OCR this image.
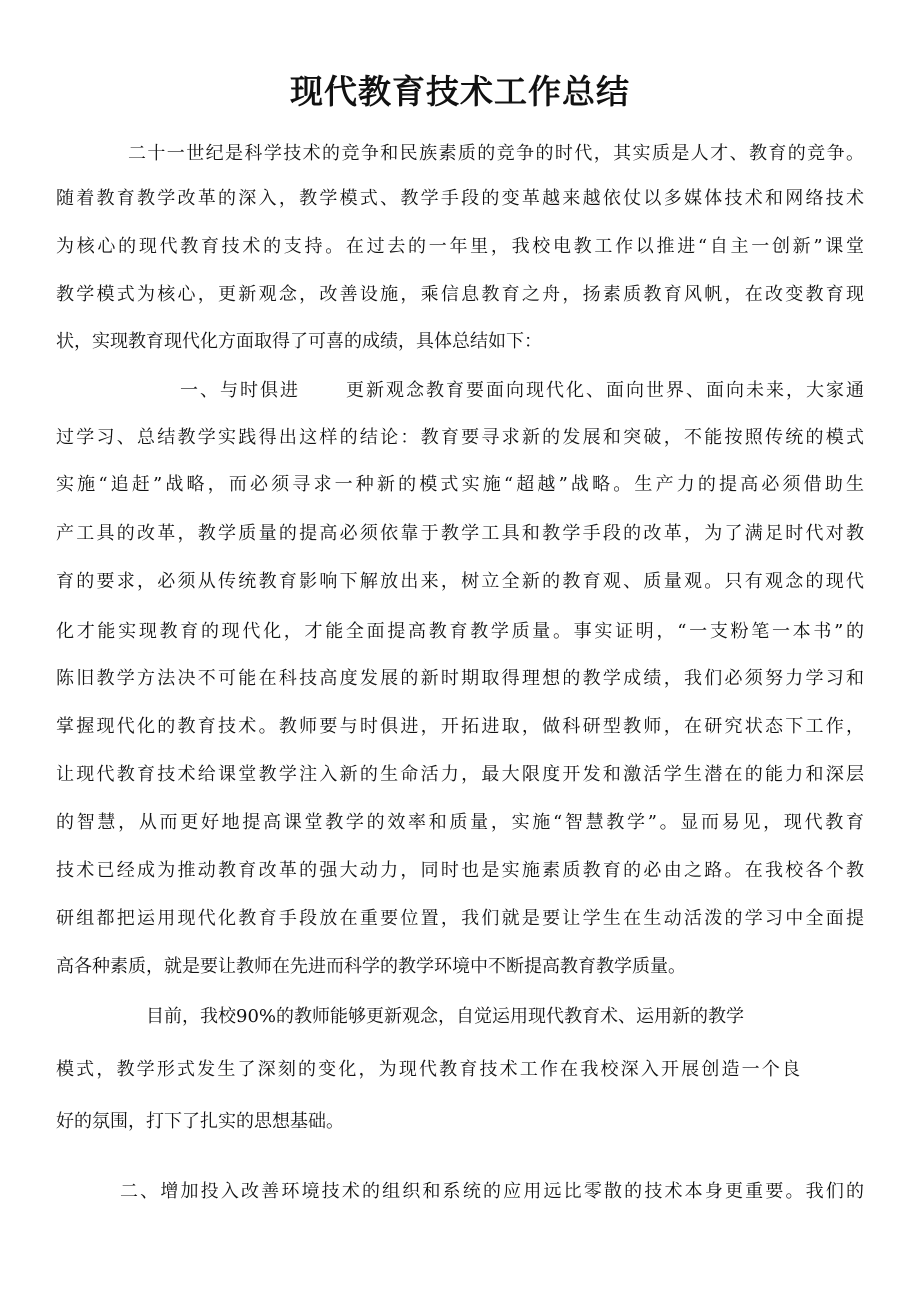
现代教育技术工作总结
二十一世纪是科学技术的竞争和民族素质的竞争的时代，其实质是人才、教育的竞争。
随着教育教学改革的深入，教学模式、教学手段的变革越来越依仗以多媒体技术和网络技术
为核心的现代教育技术的支持。在过去的一年里，我校电教工作以推进“自主一创新”课堂
教学模式为核心，更新观念，改善设施，乘信息教育之舟，扬素质教育风帆，在改变教育现
状，实现教育现代化方面取得了可喜的成绩，具体总结如下：
一、与时俱进 更新观念教育要面向现代化、面向世界、面向未来，大家通
过学习、总结教学实践得出这样的结论：教育要寻求新的发展和突破，不能按照传统的模式
实施“追赶”战略，而必须寻求一种新的模式实施“超越”战略。生产力的提高必须借助生
产工具的改革，教学质量的提高必须依靠于教学工具和教学手段的改革，为了满足时代对教
育的要求，必须从传统教育影响下解放出来，树立全新的教育观、质量观。只有观念的现代
化才能实现教育的现代化，才能全面提高教育教学质量。事实证明，“一支粉笔一本书”的
陈旧教学方法决不可能在科技高度发展的新时期取得理想的教学成绩，我们必须努力学习和
掌握现代化的教育技术。教师要与时俱进，开拓进取，做科研型教师，在研究状态下工作，
让现代教育技术给课堂教学注入新的生命活力，最大限度开发和激活学生潜在的能力和深层
的智慧，从而更好地提高课堂教学的效率和质量，实施“智慧教学”。显而易见，现代教育
技术已经成为推动教育改革的强大动力，同时也是实施素质教育的必由之路。在我校各个教
研组都把运用现代化教育手段放在重要位置，我们就是要让学生在生动活泼的学习中全面提
高各种素质，就是要让教师在先进而科学的教学环境中不断提高教育教学质量。
目前，我校90%的教师能够更新观念，自觉运用现代教育术、运用新的教学
模式，教学形式发生了深刻的变化，为现代教育技术工作在我校深入开展创造一个良
好的氛围，打下了扎实的思想基础。
二、增加投入改善环境技术的组织和系统的应用远比零散的技术本身更重要。我们的
